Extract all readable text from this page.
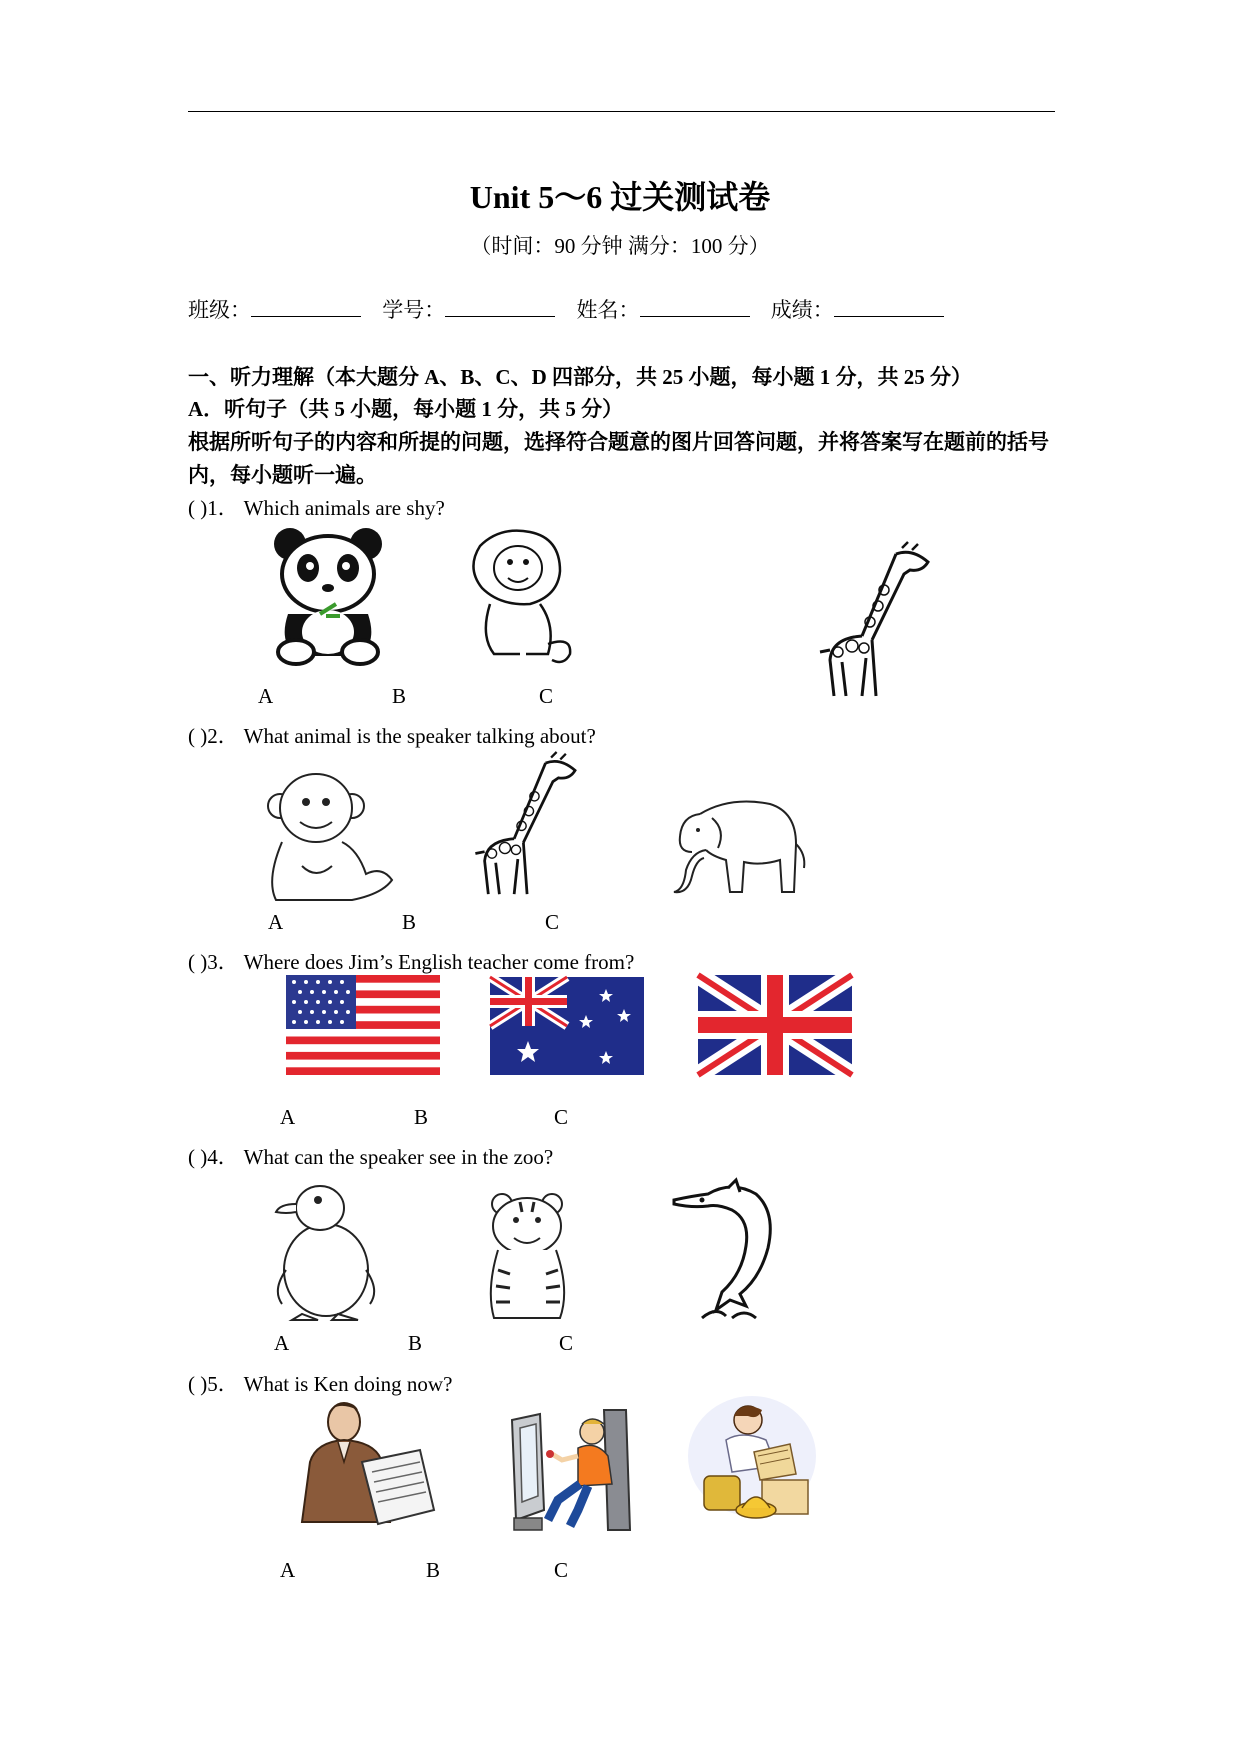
Unit 5～6 过关测试卷
（时间：90 分钟 满分：100 分）
班级：	学号：	姓名：	成绩：
一、听力理解（本大题分 A、B、C、D 四部分，共 25 小题，每小题 1 分，共 25 分）
A．听句子（共 5 小题，每小题 1 分，共 5 分）
根据所听句子的内容和所提的问题，选择符合题意的图片回答问题，并将答案写在题前的括号内，每小题听一遍。
( )1． Which animals are shy?
A	B	C
( )2． What animal is the speaker talking about?
A	B	C
( )3． Where does Jim’s English teacher come from?
A	B	C
( )4． What can the speaker see in the zoo?
A	B	C
( )5． What is Ken doing now?
A	B	C
